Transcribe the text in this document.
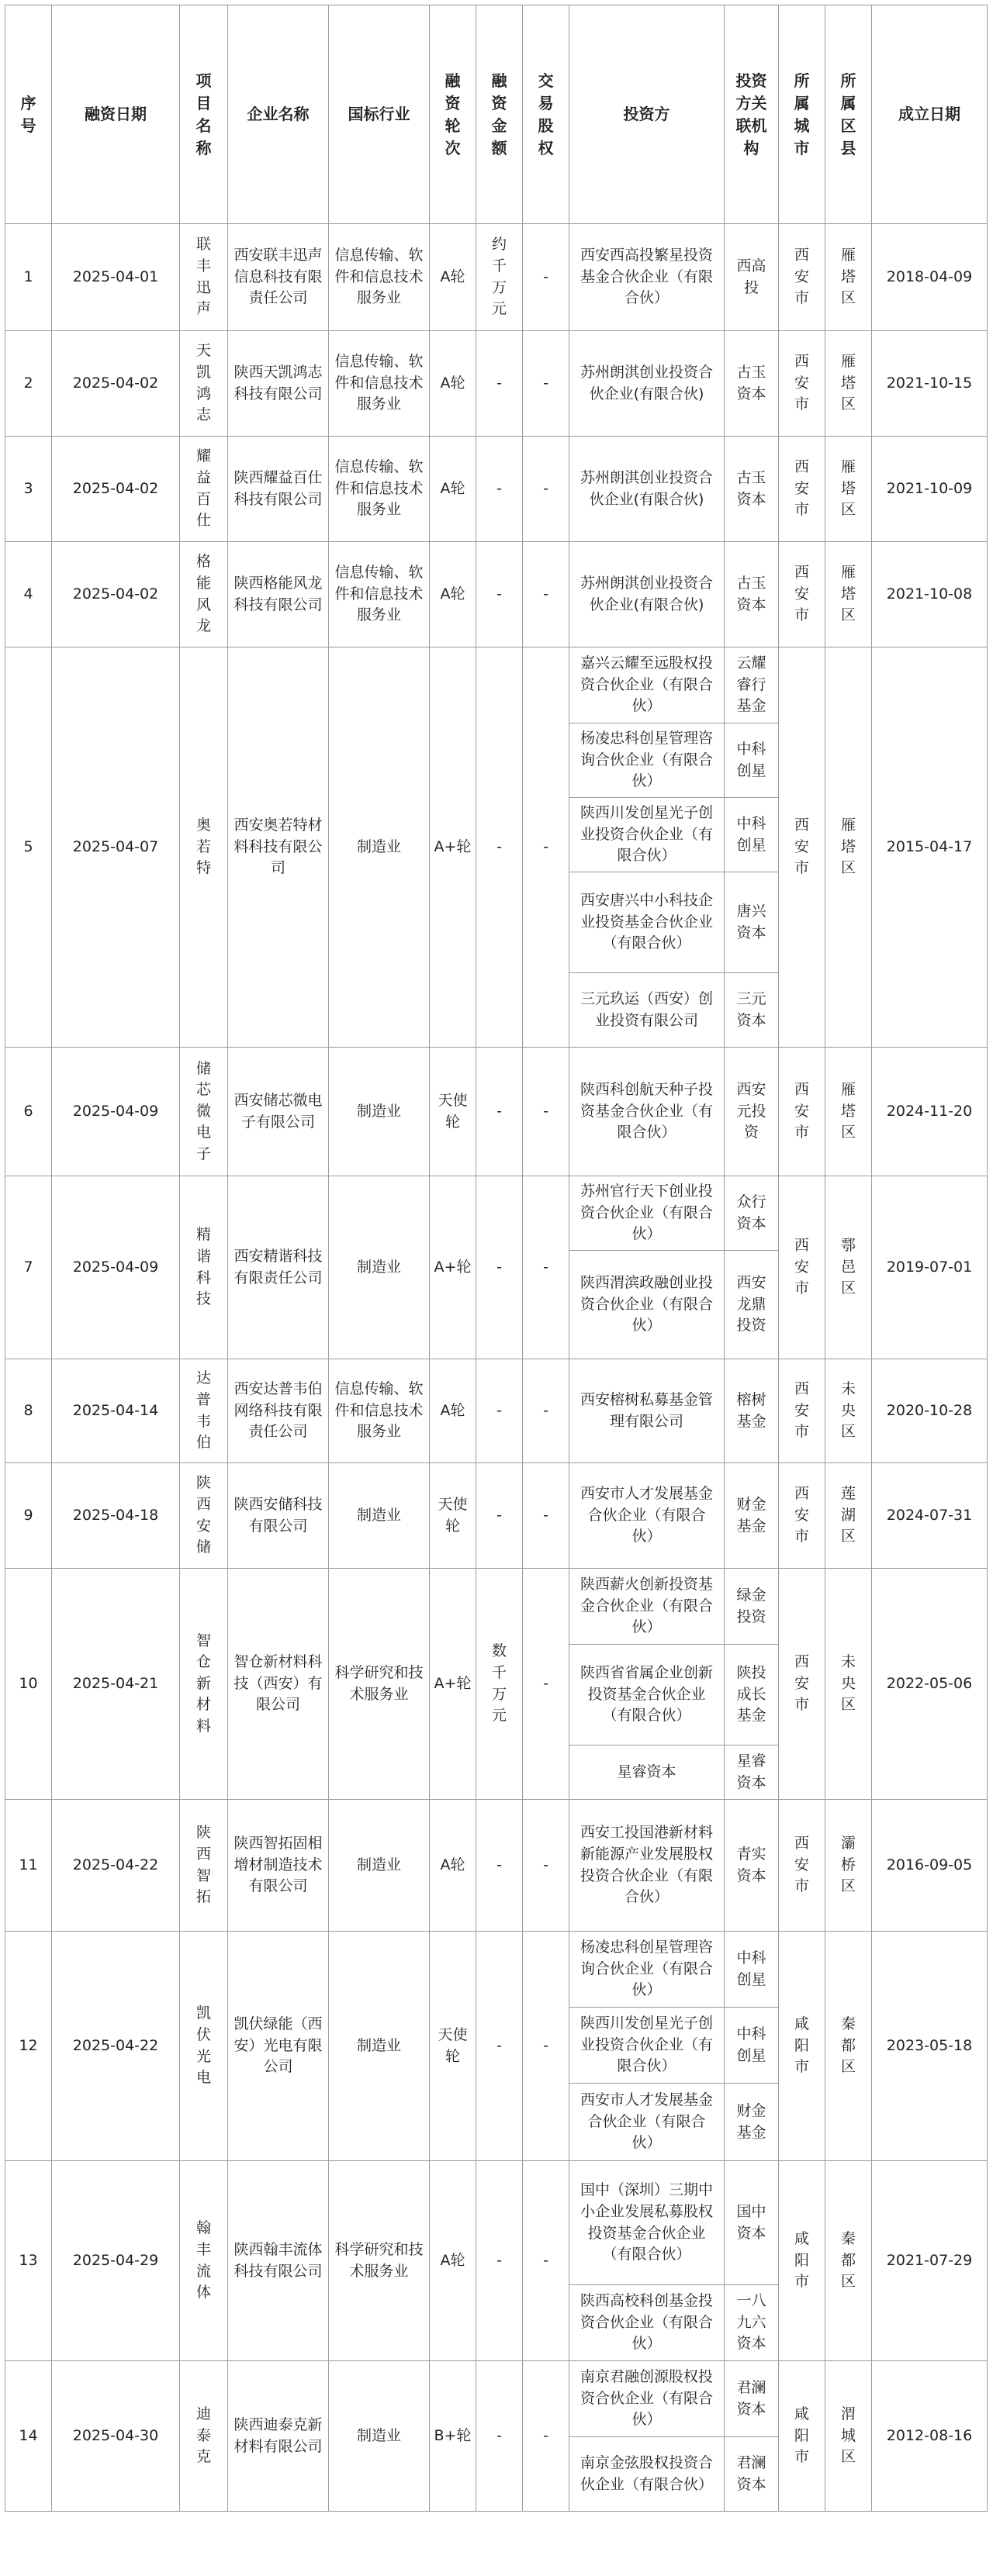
序号	融资日期	项目名称	企业名称	国标行业	融资轮次	融资金额	交易股权	投资方	投资方关联机构	所属城市	所属区县	成立日期
1	2025-04-01	联丰迅声	西安联丰迅声信息科技有限责任公司	信息传输、软件和信息技术服务业	A轮	约千万元	-	西安西高投繁星投资基金合伙企业（有限合伙）	西高投	西安市	雁塔区	2018-04-09
2	2025-04-02	天凯鸿志	陕西天凯鸿志科技有限公司	信息传输、软件和信息技术服务业	A轮	-	-	苏州朗淇创业投资合伙企业(有限合伙)	古玉资本	西安市	雁塔区	2021-10-15
3	2025-04-02	耀益百仕	陕西耀益百仕科技有限公司	信息传输、软件和信息技术服务业	A轮	-	-	苏州朗淇创业投资合伙企业(有限合伙)	古玉资本	西安市	雁塔区	2021-10-09
4	2025-04-02	格能风龙	陕西格能风龙科技有限公司	信息传输、软件和信息技术服务业	A轮	-	-	苏州朗淇创业投资合伙企业(有限合伙)	古玉资本	西安市	雁塔区	2021-10-08
5	2025-04-07	奥若特	西安奥若特材料科技有限公司	制造业	A+轮	-	-	嘉兴云耀至远股权投资合伙企业（有限合伙）	云耀睿行基金	西安市	雁塔区	2015-04-17
								杨凌忠科创星管理咨询合伙企业（有限合伙）	中科创星			
								陕西川发创星光子创业投资合伙企业（有限合伙）	中科创星			
								西安唐兴中小科技企业投资基金合伙企业（有限合伙）	唐兴资本			
								三元玖运（西安）创业投资有限公司	三元资本			
6	2025-04-09	储芯微电子	西安储芯微电子有限公司	制造业	天使轮	-	-	陕西科创航天种子投资基金合伙企业（有限合伙）	西安元投资	西安市	雁塔区	2024-11-20
7	2025-04-09	精谐科技	西安精谐科技有限责任公司	制造业	A+轮	-	-	苏州官行天下创业投资合伙企业（有限合伙）	众行资本	西安市	鄠邑区	2019-07-01
								陕西渭滨政融创业投资合伙企业（有限合伙）	西安龙鼎投资			
8	2025-04-14	达普韦伯	西安达普韦伯网络科技有限责任公司	信息传输、软件和信息技术服务业	A轮	-	-	西安榕树私募基金管理有限公司	榕树基金	西安市	未央区	2020-10-28
9	2025-04-18	陕西安储	陕西安储科技有限公司	制造业	天使轮	-	-	西安市人才发展基金合伙企业（有限合伙）	财金基金	西安市	莲湖区	2024-07-31
10	2025-04-21	智仓新材料	智仓新材料科技（西安）有限公司	科学研究和技术服务业	A+轮	数千万元	-	陕西薪火创新投资基金合伙企业（有限合伙）	绿金投资	西安市	未央区	2022-05-06
								陕西省省属企业创新投资基金合伙企业（有限合伙）	陕投成长基金			
								星睿资本	星睿资本			
11	2025-04-22	陕西智拓	陕西智拓固相增材制造技术有限公司	制造业	A轮	-	-	西安工投国港新材料新能源产业发展股权投资合伙企业（有限合伙）	青实资本	西安市	灞桥区	2016-09-05
12	2025-04-22	凯伏光电	凯伏绿能（西安）光电有限公司	制造业	天使轮	-	-	杨凌忠科创星管理咨询合伙企业（有限合伙）	中科创星	咸阳市	秦都区	2023-05-18
								陕西川发创星光子创业投资合伙企业（有限合伙）	中科创星			
								西安市人才发展基金合伙企业（有限合伙）	财金基金			
13	2025-04-29	翰丰流体	陕西翰丰流体科技有限公司	科学研究和技术服务业	A轮	-	-	国中（深圳）三期中小企业发展私募股权投资基金合伙企业（有限合伙）	国中资本	咸阳市	秦都区	2021-07-29
								陕西高校科创基金投资合伙企业（有限合伙）	一八九六资本			
14	2025-04-30	迪泰克	陕西迪泰克新材料有限公司	制造业	B+轮	-	-	南京君融创源股权投资合伙企业（有限合伙）	君澜资本	咸阳市	渭城区	2012-08-16
								南京金弦股权投资合伙企业（有限合伙）	君澜资本			
